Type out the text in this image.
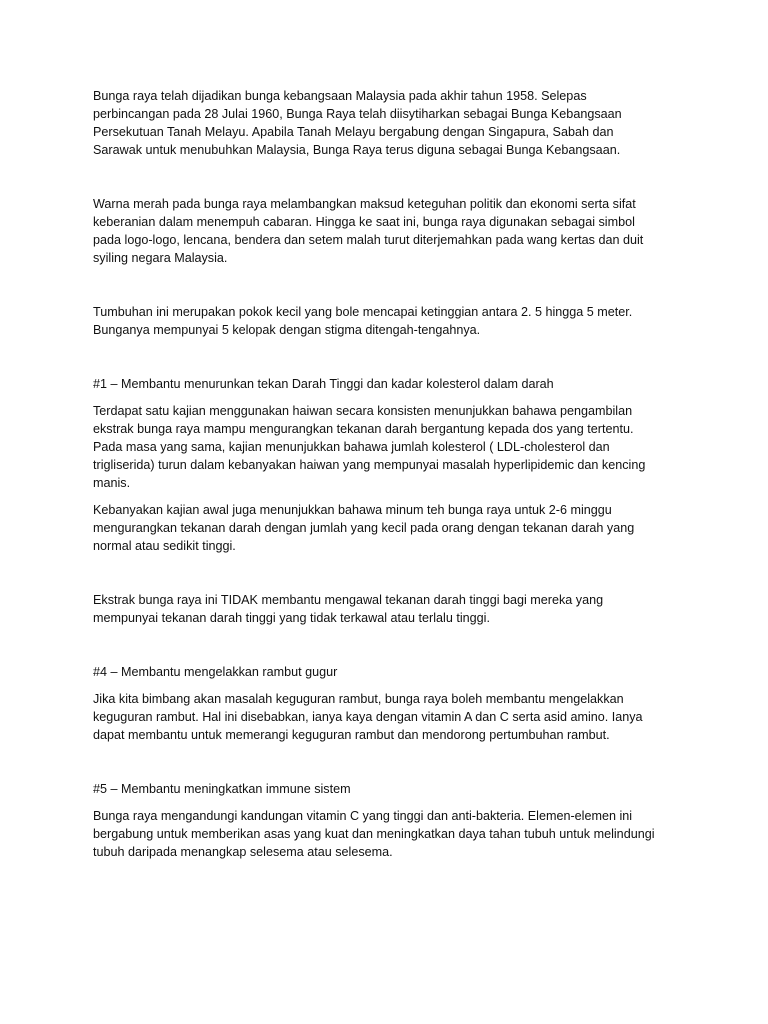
Bunga raya telah dijadikan bunga kebangsaan Malaysia pada akhir tahun 1958. Selepas
perbincangan pada 28 Julai 1960, Bunga Raya telah diisytiharkan sebagai Bunga Kebangsaan
Persekutuan Tanah Melayu. Apabila Tanah Melayu bergabung dengan Singapura, Sabah dan
Sarawak untuk menubuhkan Malaysia, Bunga Raya terus diguna sebagai Bunga Kebangsaan.

Warna merah pada bunga raya melambangkan maksud keteguhan politik dan ekonomi serta sifat
keberanian dalam menempuh cabaran. Hingga ke saat ini, bunga raya digunakan sebagai simbol
pada logo-logo, lencana, bendera dan setem malah turut diterjemahkan pada wang kertas dan duit
syiling negara Malaysia.

Tumbuhan ini merupakan pokok kecil yang bole mencapai ketinggian antara 2. 5 hingga 5 meter.
Bunganya mempunyai 5 kelopak dengan stigma ditengah-tengahnya.

#1 – Membantu menurunkan tekan Darah Tinggi dan kadar kolesterol dalam darah

Terdapat satu kajian menggunakan haiwan secara konsisten menunjukkan bahawa pengambilan
ekstrak bunga raya mampu mengurangkan tekanan darah bergantung kepada dos yang tertentu.
Pada masa yang sama, kajian menunjukkan bahawa jumlah kolesterol ( LDL-cholesterol dan
trigliserida) turun dalam kebanyakan haiwan yang mempunyai masalah hyperlipidemic dan kencing
manis.

Kebanyakan kajian awal juga menunjukkan bahawa minum teh bunga raya untuk 2-6 minggu
mengurangkan tekanan darah dengan jumlah yang kecil pada orang dengan tekanan darah yang
normal atau sedikit tinggi.

Ekstrak bunga raya ini TIDAK membantu mengawal tekanan darah tinggi bagi mereka yang
mempunyai tekanan darah tinggi yang tidak terkawal atau terlalu tinggi.

#4 – Membantu mengelakkan rambut gugur

Jika kita bimbang akan masalah keguguran rambut, bunga raya boleh membantu mengelakkan
keguguran rambut. Hal ini disebabkan, ianya kaya dengan vitamin A dan C serta asid amino. Ianya
dapat membantu untuk memerangi keguguran rambut dan mendorong pertumbuhan rambut.

#5 – Membantu meningkatkan immune sistem

Bunga raya mengandungi kandungan vitamin C yang tinggi dan anti-bakteria. Elemen-elemen ini
bergabung untuk memberikan asas yang kuat dan meningkatkan daya tahan tubuh untuk melindungi
tubuh daripada menangkap selesema atau selesema.
